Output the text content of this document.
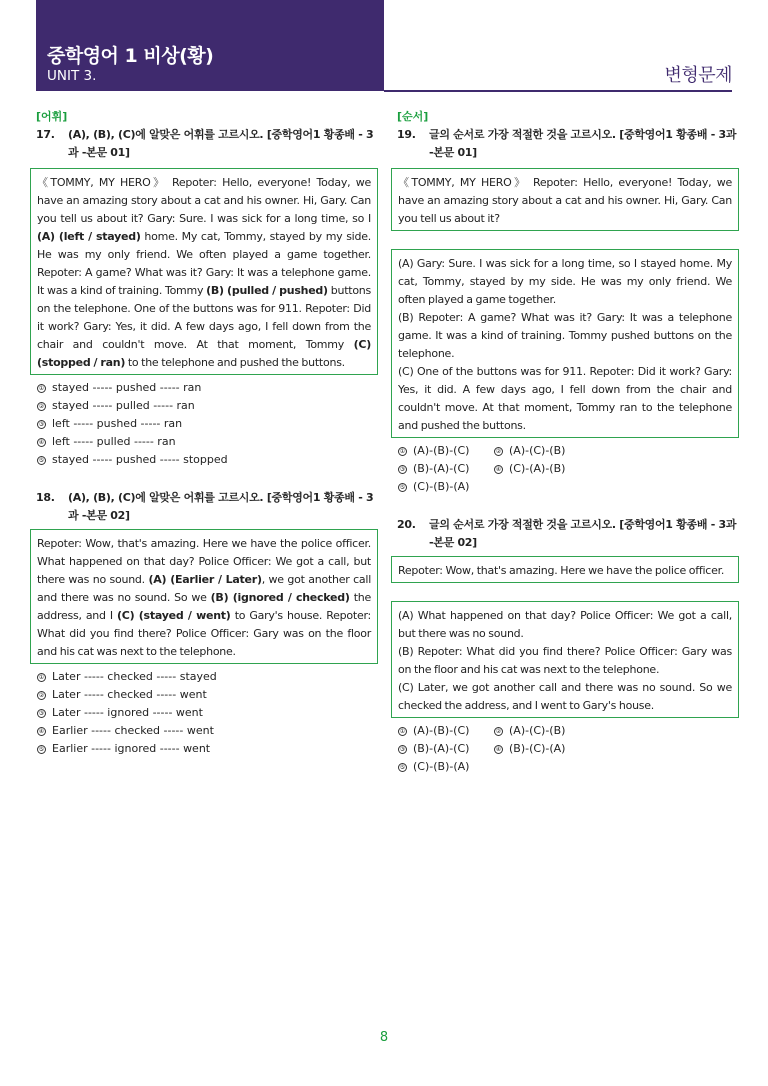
중학영어 1 비상(황)
UNIT 3.	변형문제
[어휘]
17. (A), (B), (C)에 알맞은 어휘를 고르시오. [중학영어1 황종배 - 3과 -본문 01]

《TOMMY, MY HERO》 Repoter: Hello, everyone! Today, we have an amazing story about a cat and his owner. Hi, Gary. Can you tell us about it? Gary: Sure. I was sick for a long time, so I (A) (left / stayed) home. My cat, Tommy, stayed by my side. He was my only friend. We often played a game together. Repoter: A game? What was it? Gary: It was a telephone game. It was a kind of training. Tommy (B) (pulled / pushed) buttons on the telephone. One of the buttons was for 911. Repoter: Did it work? Gary: Yes, it did. A few days ago, I fell down from the chair and couldn't move. At that moment, Tommy (C) (stopped / ran) to the telephone and pushed the buttons.

① stayed ----- pushed ----- ran
② stayed ----- pulled ----- ran
③ left ----- pushed ----- ran
④ left ----- pulled ----- ran
⑤ stayed ----- pushed ----- stopped
18. (A), (B), (C)에 알맞은 어휘를 고르시오. [중학영어1 황종배 - 3과 -본문 02]

Repoter: Wow, that's amazing. Here we have the police officer. What happened on that day? Police Officer: We got a call, but there was no sound. (A) (Earlier / Later), we got another call and there was no sound. So we (B) (ignored / checked) the address, and I (C) (stayed / went) to Gary's house. Repoter: What did you find there? Police Officer: Gary was on the floor and his cat was next to the telephone.

① Later ----- checked ----- stayed
② Later ----- checked ----- went
③ Later ----- ignored ----- went
④ Earlier ----- checked ----- went
⑤ Earlier ----- ignored ----- went
[순서]
19. 글의 순서로 가장 적절한 것을 고르시오. [중학영어1 황종배 - 3과 -본문 01]

《TOMMY, MY HERO》 Repoter: Hello, everyone! Today, we have an amazing story about a cat and his owner. Hi, Gary. Can you tell us about it?

(A) Gary: Sure. I was sick for a long time, so I stayed home. My cat, Tommy, stayed by my side. He was my only friend. We often played a game together.

(B) Repoter: A game? What was it? Gary: It was a telephone game. It was a kind of training. Tommy pushed buttons on the telephone.

(C) One of the buttons was for 911. Repoter: Did it work? Gary: Yes, it did. A few days ago, I fell down from the chair and couldn't move. At that moment, Tommy ran to the telephone and pushed the buttons.

① (A)-(B)-(C)	② (A)-(C)-(B)
③ (B)-(A)-(C)	④ (C)-(A)-(B)
⑤ (C)-(B)-(A)
20. 글의 순서로 가장 적절한 것을 고르시오. [중학영어1 황종배 - 3과 -본문 02]

Repoter: Wow, that's amazing. Here we have the police officer.

(A) What happened on that day? Police Officer: We got a call, but there was no sound.

(B) Repoter: What did you find there? Police Officer: Gary was on the floor and his cat was next to the telephone.

(C) Later, we got another call and there was no sound. So we checked the address, and I went to Gary's house.

① (A)-(B)-(C)	② (A)-(C)-(B)
③ (B)-(A)-(C)	④ (B)-(C)-(A)
⑤ (C)-(B)-(A)
8
